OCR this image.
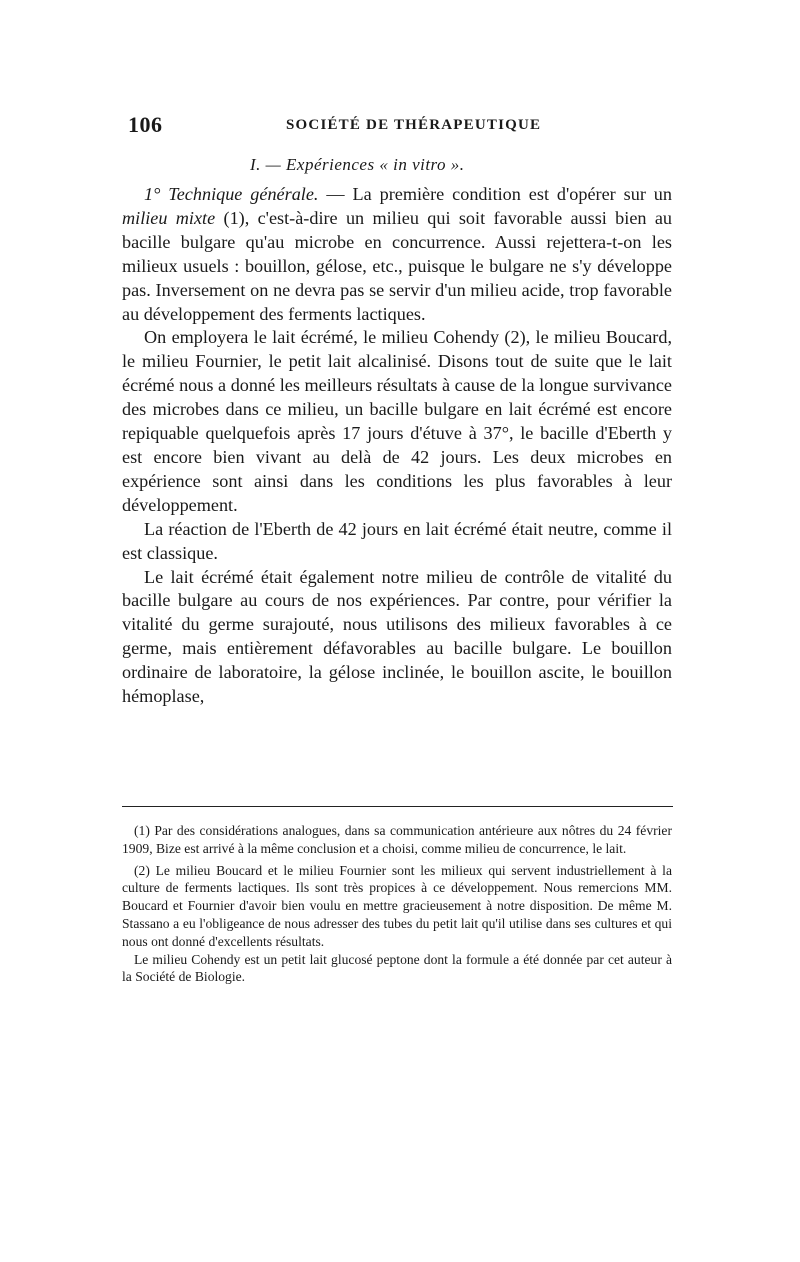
106	SOCIÉTÉ DE THÉRAPEUTIQUE
I. — Expériences « in vitro ».

1° Technique générale. — La première condition est d'opérer sur un milieu mixte (1), c'est-à-dire un milieu qui soit favorable aussi bien au bacille bulgare qu'au microbe en concurrence. Aussi rejettera-t-on les milieux usuels : bouillon, gélose, etc., puisque le bulgare ne s'y développe pas. Inversement on ne devra pas se servir d'un milieu acide, trop favorable au développement des ferments lactiques.

On employera le lait écrémé, le milieu Cohendy (2), le milieu Boucard, le milieu Fournier, le petit lait alcalinisé. Disons tout de suite que le lait écrémé nous a donné les meilleurs résultats à cause de la longue survivance des microbes dans ce milieu, un bacille bulgare en lait écrémé est encore repiquable quelquefois après 17 jours d'étuve à 37°, le bacille d'Eberth y est encore bien vivant au delà de 42 jours. Les deux microbes en expérience sont ainsi dans les conditions les plus favorables à leur développement.

La réaction de l'Eberth de 42 jours en lait écrémé était neutre, comme il est classique.

Le lait écrémé était également notre milieu de contrôle de vitalité du bacille bulgare au cours de nos expériences. Par contre, pour vérifier la vitalité du germe surajouté, nous utilisons des milieux favorables à ce germe, mais entièrement défavorables au bacille bulgare. Le bouillon ordinaire de laboratoire, la gélose inclinée, le bouillon ascite, le bouillon hémoplase,

(1) Par des considérations analogues, dans sa communication antérieure aux nôtres du 24 février 1909, Bize est arrivé à la même conclusion et a choisi, comme milieu de concurrence, le lait.

(2) Le milieu Boucard et le milieu Fournier sont les milieux qui servent industriellement à la culture de ferments lactiques. Ils sont très propices à ce développement. Nous remercions MM. Boucard et Fournier d'avoir bien voulu en mettre gracieusement à notre disposition. De même M. Stassano a eu l'obligeance de nous adresser des tubes du petit lait qu'il utilise dans ses cultures et qui nous ont donné d'excellents résultats.

Le milieu Cohendy est un petit lait glucosé peptone dont la formule a été donnée par cet auteur à la Société de Biologie.
